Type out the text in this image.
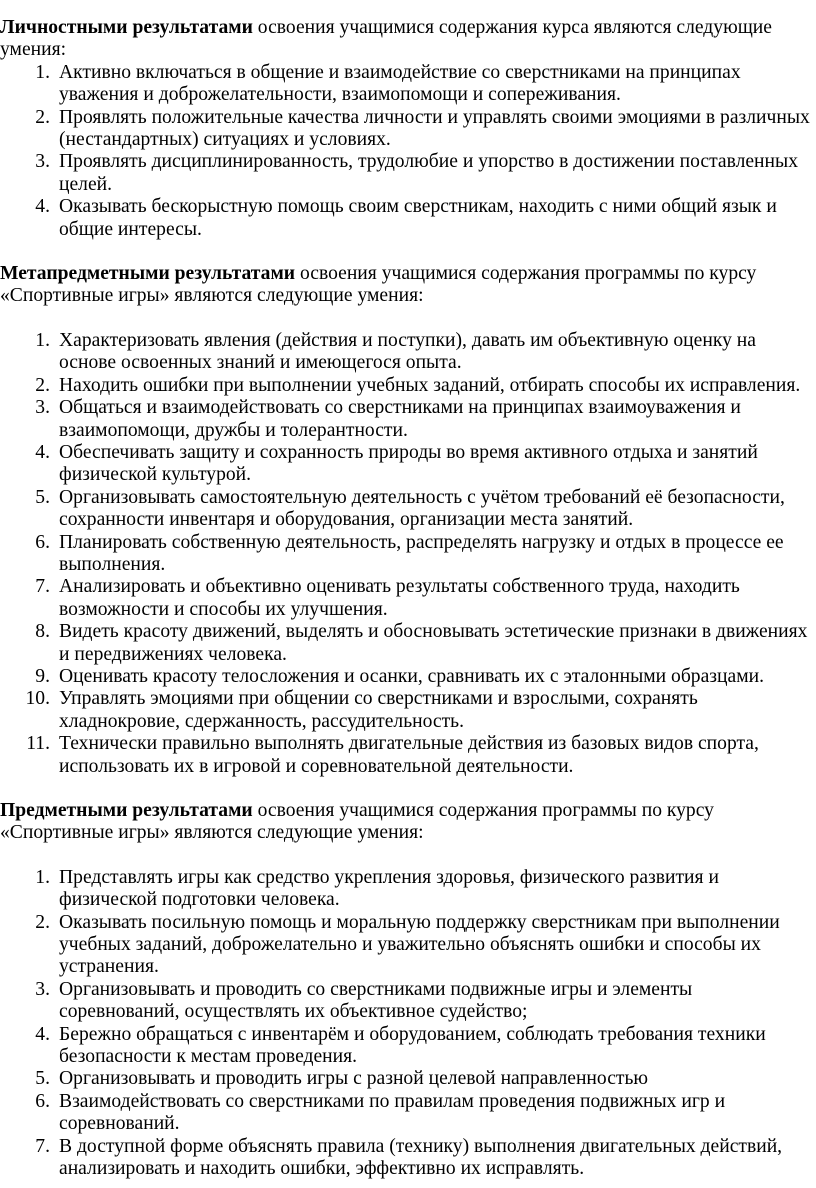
Личностными результатами освоения учащимися содержания курса являются следующие умения:

1. Активно включаться в общение и взаимодействие со сверстниками на принципах уважения и доброжелательности, взаимопомощи и сопереживания.
2. Проявлять положительные качества личности и управлять своими эмоциями в различных (нестандартных) ситуациях и условиях.
3. Проявлять дисциплинированность, трудолюбие и упорство в достижении поставленных целей.
4. Оказывать бескорыстную помощь своим сверстникам, находить с ними общий язык и общие интересы.

Метапредметными результатами освоения учащимися содержания программы по курсу «Спортивные игры» являются следующие умения:

1. Характеризовать явления (действия и поступки), давать им объективную оценку на основе освоенных знаний и имеющегося опыта.
2. Находить ошибки при выполнении учебных заданий, отбирать способы их исправления.
3. Общаться и взаимодействовать со сверстниками на принципах взаимоуважения и взаимопомощи, дружбы и толерантности.
4. Обеспечивать защиту и сохранность природы во время активного отдыха и занятий физической культурой.
5. Организовывать самостоятельную деятельность с учётом требований её безопасности, сохранности инвентаря и оборудования, организации места занятий.
6. Планировать собственную деятельность, распределять нагрузку и отдых в процессе ее выполнения.
7. Анализировать и объективно оценивать результаты собственного труда, находить возможности и способы их улучшения.
8. Видеть красоту движений, выделять и обосновывать эстетические признаки в движениях и передвижениях человека.
9. Оценивать красоту телосложения и осанки, сравнивать их с эталонными образцами.
10. Управлять эмоциями при общении со сверстниками и взрослыми, сохранять хладнокровие, сдержанность, рассудительность.
11. Технически правильно выполнять двигательные действия из базовых видов спорта, использовать их в игровой и соревновательной деятельности.

Предметными результатами освоения учащимися содержания программы по курсу «Спортивные игры» являются следующие умения:

1. Представлять игры как средство укрепления здоровья, физического развития и физической подготовки человека.
2. Оказывать посильную помощь и моральную поддержку сверстникам при выполнении учебных заданий, доброжелательно и уважительно объяснять ошибки и способы их устранения.
3. Организовывать и проводить со сверстниками подвижные игры и элементы соревнований, осуществлять их объективное судейство;
4. Бережно обращаться с инвентарём и оборудованием, соблюдать требования техники безопасности к местам проведения.
5. Организовывать и проводить игры с разной целевой направленностью
6. Взаимодействовать со сверстниками по правилам проведения подвижных игр и соревнований.
7. В доступной форме объяснять правила (технику) выполнения двигательных действий, анализировать и находить ошибки, эффективно их исправлять.
